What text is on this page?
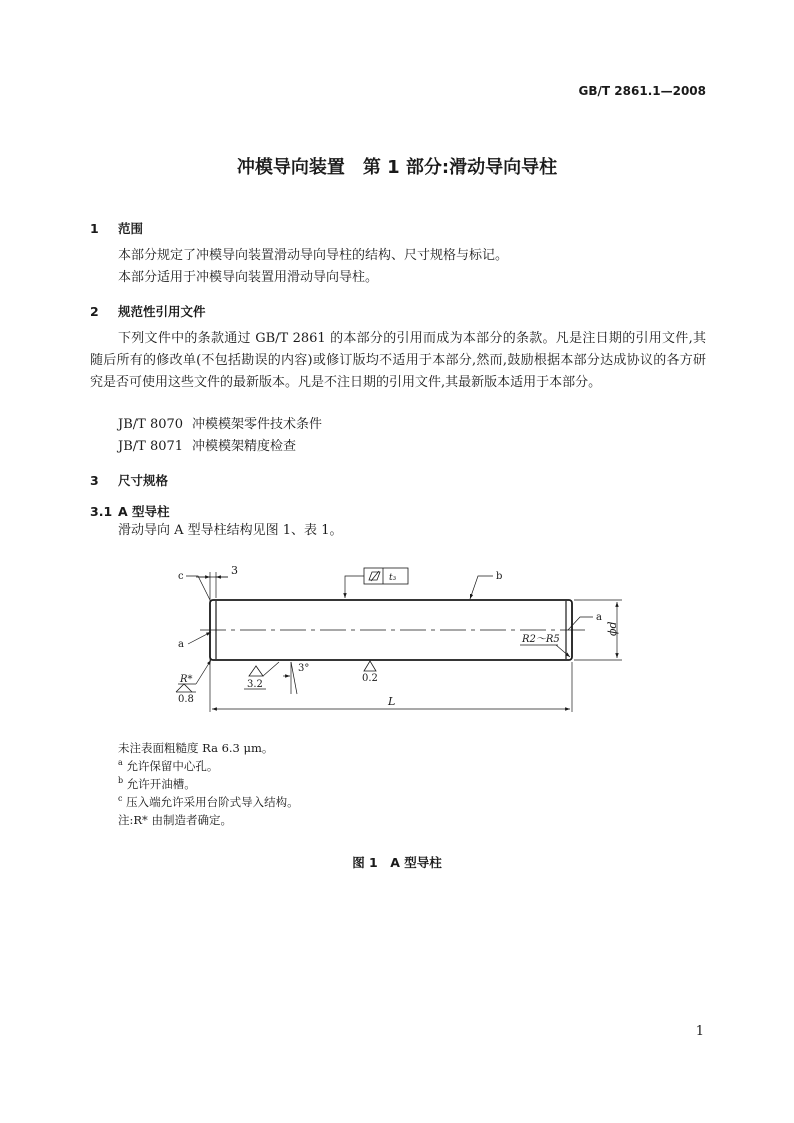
GB/T 2861.1—2008
冲模导向装置　第 1 部分:滑动导向导柱
1 范围
本部分规定了冲模导向装置滑动导向导柱的结构、尺寸规格与标记。
本部分适用于冲模导向装置用滑动导向导柱。
2 规范性引用文件
下列文件中的条款通过 GB/T 2861 的本部分的引用而成为本部分的条款。凡是注日期的引用文件,其随后所有的修改单(不包括勘误的内容)或修订版均不适用于本部分,然而,鼓励根据本部分达成协议的各方研究是否可使用这些文件的最新版本。凡是不注日期的引用文件,其最新版本适用于本部分。
JB/T 8070 冲模模架零件技术条件
JB/T 8071 冲模模架精度检查
3 尺寸规格
3.1 A 型导柱
滑动导向 A 型导柱结构见图 1、表 1。
c	b
a
a
3
t₃
R2～R5
ϕd
3°
3.2
0.2
0.8
R*
L
未注表面粗糙度 Ra 6.3 μm。
$^a$ 允许保留中心孔。
$^b$ 允许开油槽。
$^c$ 压入端允许采用台阶式导入结构。
注:R* 由制造者确定。
图 1　A 型导柱
1
